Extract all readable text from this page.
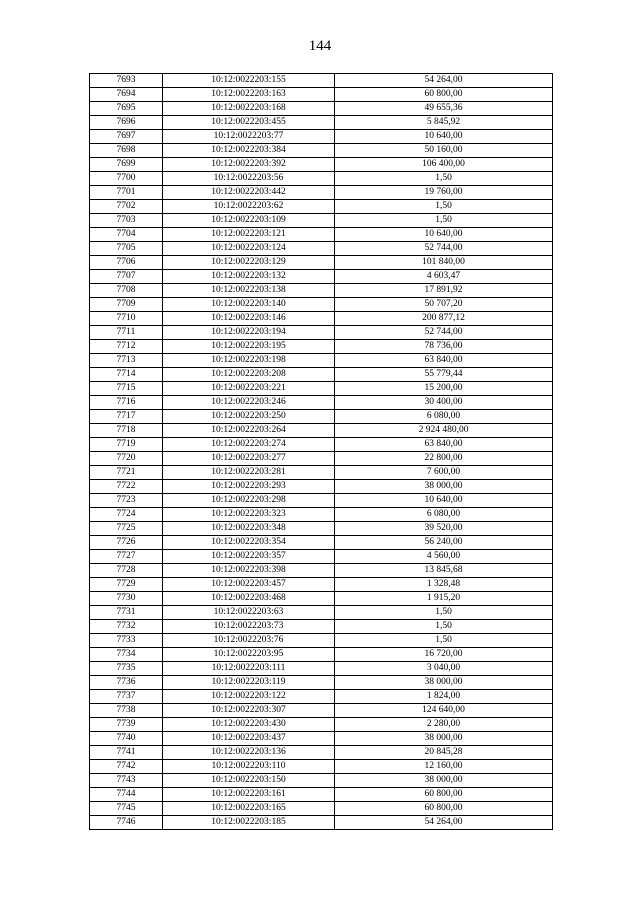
144
7693	10:12:0022203:155	54 264,00
7694	10:12:0022203:163	60 800,00
7695	10:12:0022203:168	49 655,36
7696	10:12:0022203:455	5 845,92
7697	10:12:0022203:77	10 640,00
7698	10:12:0022203:384	50 160,00
7699	10:12:0022203:392	106 400,00
7700	10:12:0022203:56	1,50
7701	10:12:0022203:442	19 760,00
7702	10:12:0022203:62	1,50
7703	10:12:0022203:109	1,50
7704	10:12:0022203:121	10 640,00
7705	10:12:0022203:124	52 744,00
7706	10:12:0022203:129	101 840,00
7707	10:12:0022203:132	4 603,47
7708	10:12:0022203:138	17 891,92
7709	10:12:0022203:140	50 707,20
7710	10:12:0022203:146	200 877,12
7711	10:12:0022203:194	52 744,00
7712	10:12:0022203:195	78 736,00
7713	10:12:0022203:198	63 840,00
7714	10:12:0022203:208	55 779,44
7715	10:12:0022203:221	15 200,00
7716	10:12:0022203:246	30 400,00
7717	10:12:0022203:250	6 080,00
7718	10:12:0022203:264	2 924 480,00
7719	10:12:0022203:274	63 840,00
7720	10:12:0022203:277	22 800,00
7721	10:12:0022203:281	7 600,00
7722	10:12:0022203:293	38 000,00
7723	10:12:0022203:298	10 640,00
7724	10:12:0022203:323	6 080,00
7725	10:12:0022203:348	39 520,00
7726	10:12:0022203:354	56 240,00
7727	10:12:0022203:357	4 560,00
7728	10:12:0022203:398	13 845,68
7729	10:12:0022203:457	1 328,48
7730	10:12:0022203:468	1 915,20
7731	10:12:0022203:63	1,50
7732	10:12:0022203:73	1,50
7733	10:12:0022203:76	1,50
7734	10:12:0022203:95	16 720,00
7735	10:12:0022203:111	3 040,00
7736	10:12:0022203:119	38 000,00
7737	10:12:0022203:122	1 824,00
7738	10:12:0022203:307	124 640,00
7739	10:12:0022203:430	2 280,00
7740	10:12:0022203:437	38 000,00
7741	10:12:0022203:136	20 845,28
7742	10:12:0022203:110	12 160,00
7743	10:12:0022203:150	38 000,00
7744	10:12:0022203:161	60 800,00
7745	10:12:0022203:165	60 800,00
7746	10:12:0022203:185	54 264,00
